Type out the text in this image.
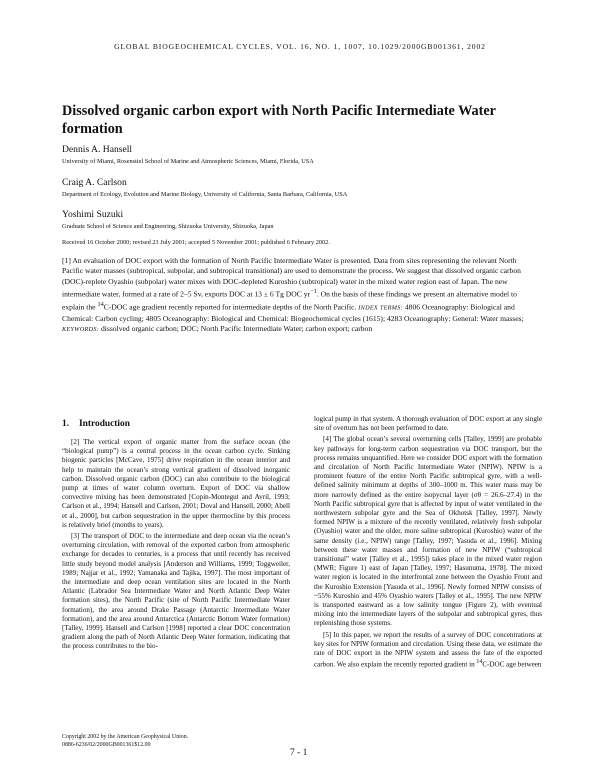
GLOBAL BIOGEOCHEMICAL CYCLES, VOL. 16, NO. 1, 1007, 10.1029/2000GB001361, 2002
Dissolved organic carbon export with North Pacific Intermediate Water formation
Dennis A. Hansell
University of Miami, Rosenstiel School of Marine and Atmospheric Sciences, Miami, Florida, USA
Craig A. Carlson
Department of Ecology, Evolution and Marine Biology, University of California, Santa Barbara, California, USA
Yoshimi Suzuki
Graduate School of Science and Engineering, Shizuoka University, Shizuoka, Japan
Received 16 October 2000; revised 23 July 2001; accepted 5 November 2001; published 6 February 2002.

[1] An evaluation of DOC export with the formation of North Pacific Intermediate Water is presented. Data from sites representing the relevant North Pacific water masses (subtropical, subpolar, and subtropical transitional) are used to demonstrate the process. We suggest that dissolved organic carbon (DOC)-replete Oyashio (subpolar) water mixes with DOC-depleted Kuroshio (subtropical) water in the mixed water region east of Japan. The new intermediate water, formed at a rate of 2–5 Sv, exports DOC at 13 ± 6 Tg DOC $yr^{-1}$. On the basis of these findings we present an alternative model to explain the $^{14}$C-DOC age gradient recently reported for intermediate depths of the North Pacific. INDEX TERMS: 4806 Oceanography: Biological and Chemical: Carbon cycling; 4805 Oceanography: Biological and Chemical: Biogeochemical cycles (1615); 4283 Oceanography: General: Water masses; KEYWORDS: dissolved organic carbon; DOC; North Pacific Intermediate Water; carbon export; carbon

1. Introduction

[2] The vertical export of organic matter from the surface ocean (the “biological pump”) is a central process in the ocean carbon cycle. Sinking biogenic particles [McCave, 1975] drive respiration in the ocean interior and help to maintain the ocean’s strong vertical gradient of dissolved inorganic carbon. Dissolved organic carbon (DOC) can also contribute to the biological pump at times of water column overturn. Export of DOC via shallow convective mixing has been demonstrated [Copin-Montegut and Avril, 1993; Carlson et al., 1994; Hansell and Carlson, 2001; Doval and Hansell, 2000; Abell et al., 2000], but carbon sequestration in the upper thermocline by this process is relatively brief (months to years).

[3] The transport of DOC to the intermediate and deep ocean via the ocean’s overturning circulation, with removal of the exported carbon from atmospheric exchange for decades to centuries, is a process that until recently has received little study beyond model analysis [Anderson and Williams, 1999; Toggweiler, 1989; Najjar et al., 1992; Yamanaka and Tajika, 1997]. The most important of the intermediate and deep ocean ventilation sites are located in the North Atlantic (Labrador Sea Intermediate Water and North Atlantic Deep Water formation sites), the North Pacific (site of North Pacific Intermediate Water formation), the area around Drake Passage (Antarctic Intermediate Water formation), and the area around Antarctica (Antarctic Bottom Water formation) [Talley, 1999]. Hansell and Carlson [1998] reported a clear DOC concentration gradient along the path of North Atlantic Deep Water formation, indicating that the process contributes to the bio-

logical pump in that system. A thorough evaluation of DOC export at any single site of overturn has not been performed to date.

[4] The global ocean’s several overturning cells [Talley, 1999] are probable key pathways for long-term carbon sequestration via DOC transport, but the process remains unquantified. Here we consider DOC export with the formation and circulation of North Pacific Intermediate Water (NPIW). NPIW is a prominent feature of the entire North Pacific subtropical gyre, with a well-defined salinity minimum at depths of 300–1000 m. This water mass may be more narrowly defined as the entire isopycnal layer (σθ = 26.6–27.4) in the North Pacific subtropical gyre that is affected by input of water ventilated in the northwestern subpolar gyre and the Sea of Okhotsk [Talley, 1997]. Newly formed NPIW is a mixture of the recently ventilated, relatively fresh subpolar (Oyashio) water and the older, more saline subtropical (Kuroshio) water of the same density (i.e., NPIW) range [Talley, 1997; Yasuda et al., 1996]. Mixing between these water masses and formation of new NPIW (“subtropical transitional” water [Talley et al., 1995]) takes place in the mixed water region (MWR; Figure 1) east of Japan [Talley, 1997; Hasunuma, 1978]. The mixed water region is located in the interfrontal zone between the Oyashio Front and the Kuroshio Extension [Yasuda et al., 1996]. Newly formed NPIW consists of ~55% Kuroshio and 45% Oyashio waters [Talley et al., 1995]. The new NPIW is transported eastward as a low salinity tongue (Figure 2), with eventual mixing into the intermediate layers of the subpolar and subtropical gyres, thus replenishing those systems.

[5] In this paper, we report the results of a survey of DOC concentrations at key sites for NPIW formation and circulation. Using these data, we estimate the rate of DOC export in the NPIW system and assess the fate of the exported carbon. We also explain the recently reported gradient in $^{14}$C-DOC age between

Copyright 2002 by the American Geophysical Union.
0886-6236/02/2000GB001361$12.00
7 - 1
